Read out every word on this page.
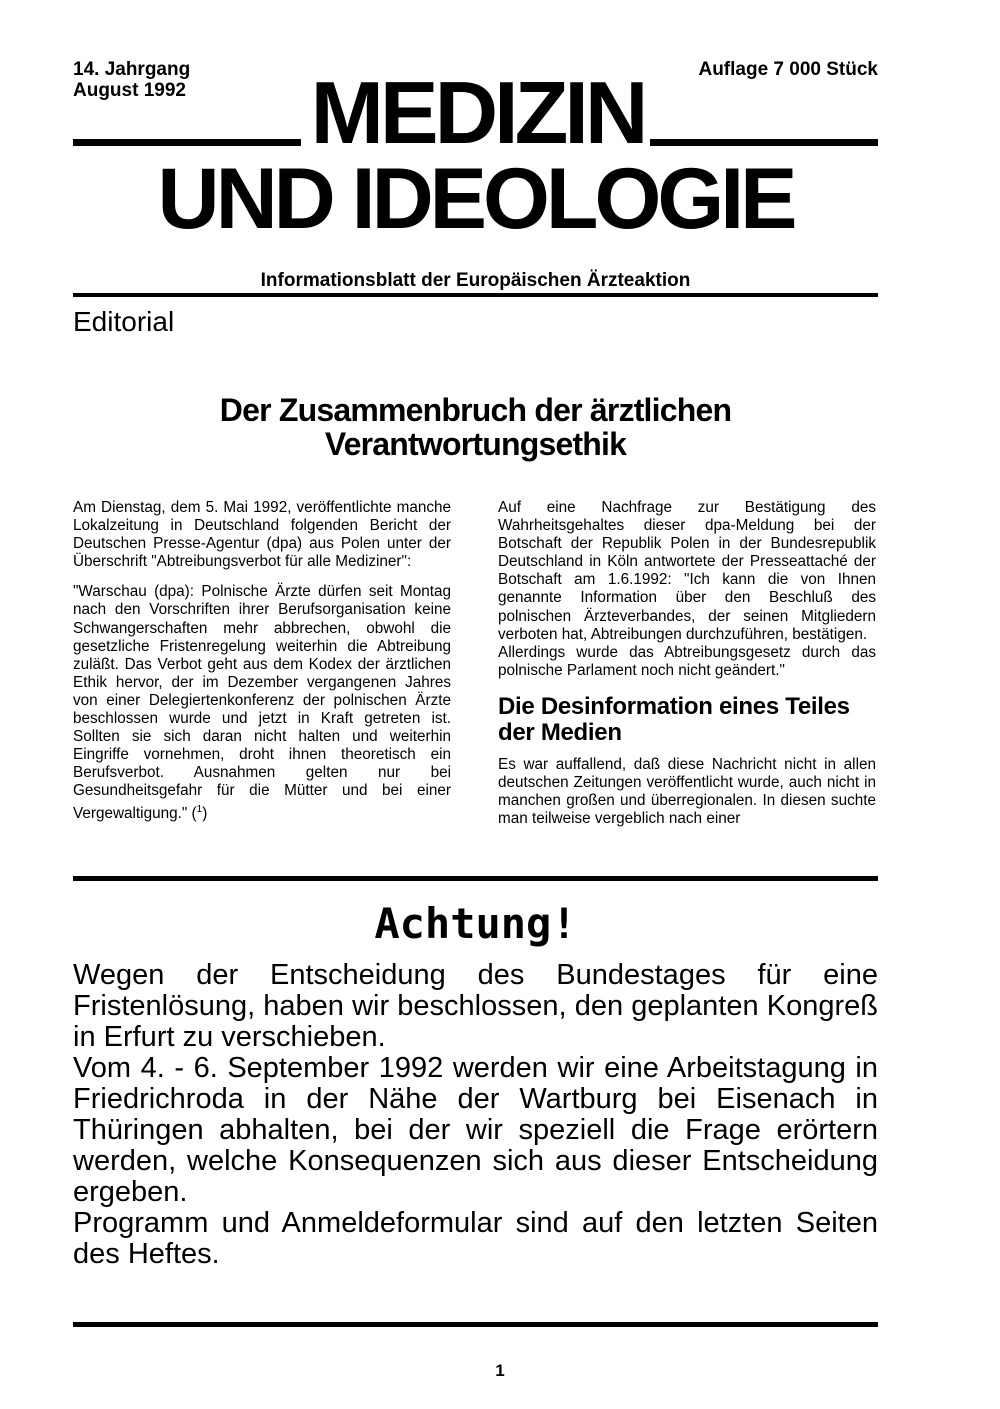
14. Jahrgang
August 1992
Auflage 7 000 Stück
MEDIZIN
UND IDEOLOGIE
Informationsblatt der Europäischen Ärzteaktion
Editorial
Der Zusammenbruch der ärztlichen
Verantwortungsethik

Am Dienstag, dem 5. Mai 1992, veröffentlichte manche Lokalzeitung in Deutschland folgenden Bericht der Deutschen Presse-Agentur (dpa) aus Polen unter der Überschrift "Abtreibungsverbot für alle Mediziner":

"Warschau (dpa): Polnische Ärzte dürfen seit Montag nach den Vorschriften ihrer Berufsorganisation keine Schwangerschaften mehr abbrechen, obwohl die gesetzliche Fristenregelung weiterhin die Abtreibung zuläßt. Das Verbot geht aus dem Kodex der ärztlichen Ethik hervor, der im Dezember vergangenen Jahres von einer Delegiertenkonferenz der polnischen Ärzte beschlossen wurde und jetzt in Kraft getreten ist. Sollten sie sich daran nicht halten und weiterhin Eingriffe vornehmen, droht ihnen theoretisch ein Berufsverbot. Ausnahmen gelten nur bei Gesundheitsgefahr für die Mütter und bei einer Vergewaltigung." ($^1$)

Auf eine Nachfrage zur Bestätigung des Wahrheitsgehaltes dieser dpa-Meldung bei der Botschaft der Republik Polen in der Bundesrepublik Deutschland in Köln antwortete der Presseattaché der Botschaft am 1.6.1992: "Ich kann die von Ihnen genannte Information über den Beschluß des polnischen Ärzteverbandes, der seinen Mitgliedern verboten hat, Abtreibungen durchzuführen, bestätigen.

Allerdings wurde das Abtreibungsgesetz durch das polnische Parlament noch nicht geändert."

Die Desinformation eines Teiles der Medien

Es war auffallend, daß diese Nachricht nicht in allen deutschen Zeitungen veröffentlicht wurde, auch nicht in manchen großen und überregionalen. In diesen suchte man teilweise vergeblich nach einer

Achtung!

Wegen der Entscheidung des Bundestages für eine Fristenlösung, haben wir beschlossen, den geplanten Kongreß in Erfurt zu verschieben.

Vom 4. - 6. September 1992 werden wir eine Arbeitstagung in Friedrichroda in der Nähe der Wartburg bei Eisenach in Thüringen abhalten, bei der wir speziell die Frage erörtern werden, welche Konsequenzen sich aus dieser Entscheidung ergeben.

Programm und Anmeldeformular sind auf den letzten Seiten des Heftes.

1
